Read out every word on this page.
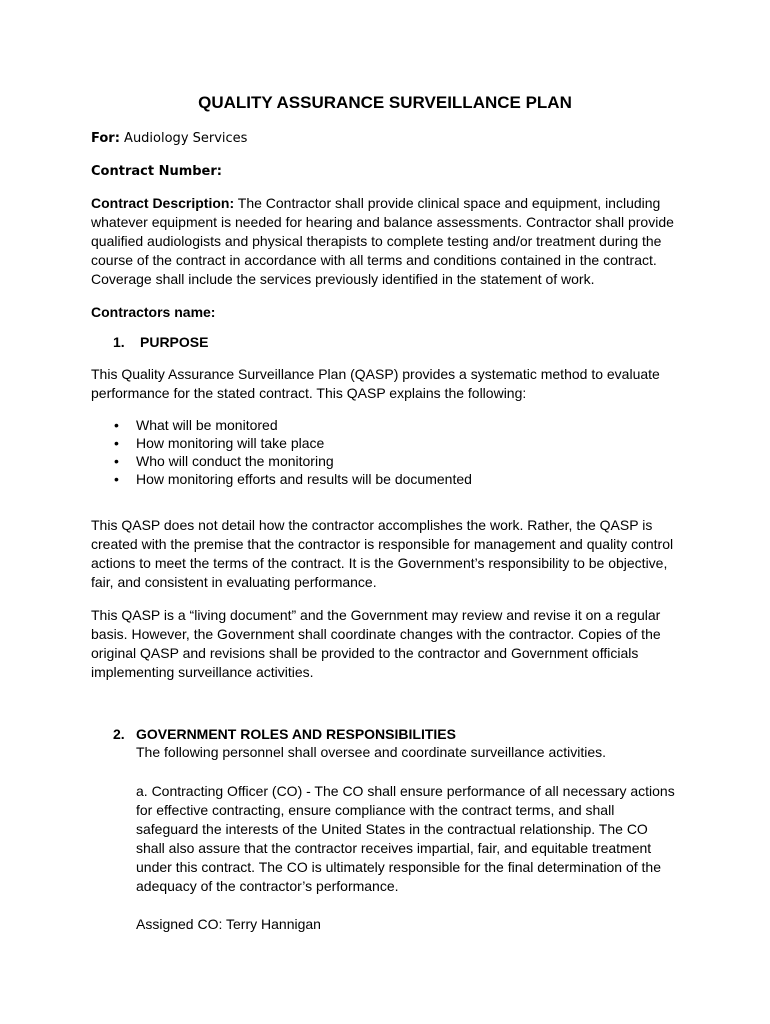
QUALITY ASSURANCE SURVEILLANCE PLAN
For: Audiology Services
Contract Number:
Contract Description: The Contractor shall provide clinical space and equipment, including whatever equipment is needed for hearing and balance assessments. Contractor shall provide qualified audiologists and physical therapists to complete testing and/or treatment during the course of the contract in accordance with all terms and conditions contained in the contract. Coverage shall include the services previously identified in the statement of work.
Contractors name:
1. PURPOSE
This Quality Assurance Surveillance Plan (QASP) provides a systematic method to evaluate performance for the stated contract. This QASP explains the following:
• What will be monitored
• How monitoring will take place
• Who will conduct the monitoring
• How monitoring efforts and results will be documented
This QASP does not detail how the contractor accomplishes the work. Rather, the QASP is created with the premise that the contractor is responsible for management and quality control actions to meet the terms of the contract. It is the Government’s responsibility to be objective, fair, and consistent in evaluating performance.
This QASP is a “living document” and the Government may review and revise it on a regular basis. However, the Government shall coordinate changes with the contractor. Copies of the original QASP and revisions shall be provided to the contractor and Government officials implementing surveillance activities.
2. GOVERNMENT ROLES AND RESPONSIBILITIES
The following personnel shall oversee and coordinate surveillance activities.
a. Contracting Officer (CO) - The CO shall ensure performance of all necessary actions for effective contracting, ensure compliance with the contract terms, and shall safeguard the interests of the United States in the contractual relationship. The CO shall also assure that the contractor receives impartial, fair, and equitable treatment under this contract. The CO is ultimately responsible for the final determination of the adequacy of the contractor’s performance.
Assigned CO: Terry Hannigan
